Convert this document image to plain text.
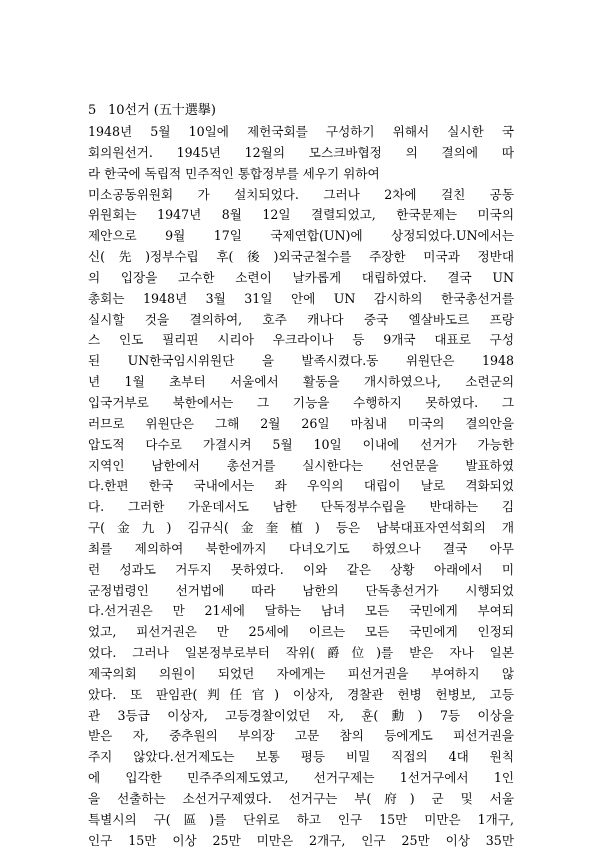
5 10선거 (五十選擧)
1948년 5월 10일에 제헌국회를 구성하기 위해서 실시한 국
회의원선거. 1945년 12월의 모스크바협정 의 결의에 따
라 한국에 독립적 민주적인 통합정부를 세우기 위하여
미소공동위원회 가 설치되었다. 그러나 2차에 걸친 공동
위원회는 1947년 8월 12일 결렬되었고, 한국문제는 미국의
제안으로 9월 17일 국제연합(UN)에 상정되었다.UN에서는
신(先)정부수립 후(後)외국군철수를 주장한 미국과 정반대
의 입장을 고수한 소련이 날카롭게 대립하였다. 결국 UN
총회는 1948년 3월 31일 안에 UN 감시하의 한국총선거를
실시할 것을 결의하여, 호주 캐나다 중국 엘살바도르 프랑
스 인도 필리핀 시리아 우크라이나 등 9개국 대표로 구성
된 UN한국임시위원단 을 발족시켰다.동 위원단은 1948
년 1월 초부터 서울에서 활동을 개시하였으나, 소련군의
입국거부로 북한에서는 그 기능을 수행하지 못하였다. 그
러므로 위원단은 그해 2월 26일 마침내 미국의 결의안을
압도적 다수로 가결시켜 5월 10일 이내에 선거가 가능한
지역인 남한에서 총선거를 실시한다는 선언문을 발표하였
다.한편 한국 국내에서는 좌 우익의 대립이 날로 격화되었
다. 그러한 가운데서도 남한 단독정부수립을 반대하는 김
구(金九) 김규식(金奎植) 등은 남북대표자연석회의 개
최를 제의하여 북한에까지 다녀오기도 하였으나 결국 아무
런 성과도 거두지 못하였다. 이와 같은 상황 아래에서 미
군정법령인 선거법에 따라 남한의 단독총선거가 시행되었
다.선거권은 만 21세에 달하는 남녀 모든 국민에게 부여되
었고, 피선거권은 만 25세에 이르는 모든 국민에게 인정되
었다. 그러나 일본정부로부터 작위(爵位)를 받은 자나 일본
제국의회 의원이 되었던 자에게는 피선거권을 부여하지 않
았다. 또 판임관(判任官) 이상자, 경찰관 헌병 헌병보, 고등
관 3등급 이상자, 고등경찰이었던 자, 훈(勳) 7등 이상을
받은 자, 중추원의 부의장 고문 참의 등에게도 피선거권을
주지 않았다.선거제도는 보통 평등 비밀 직접의 4대 원칙
에 입각한 민주주의제도였고, 선거구제는 1선거구에서 1인
을 선출하는 소선거구제였다. 선거구는 부(府) 군 및 서울
특별시의 구(區)를 단위로 하고 인구 15만 미만은 1개구,
인구 15만 이상 25만 미만은 2개구, 인구 25만 이상 35만
